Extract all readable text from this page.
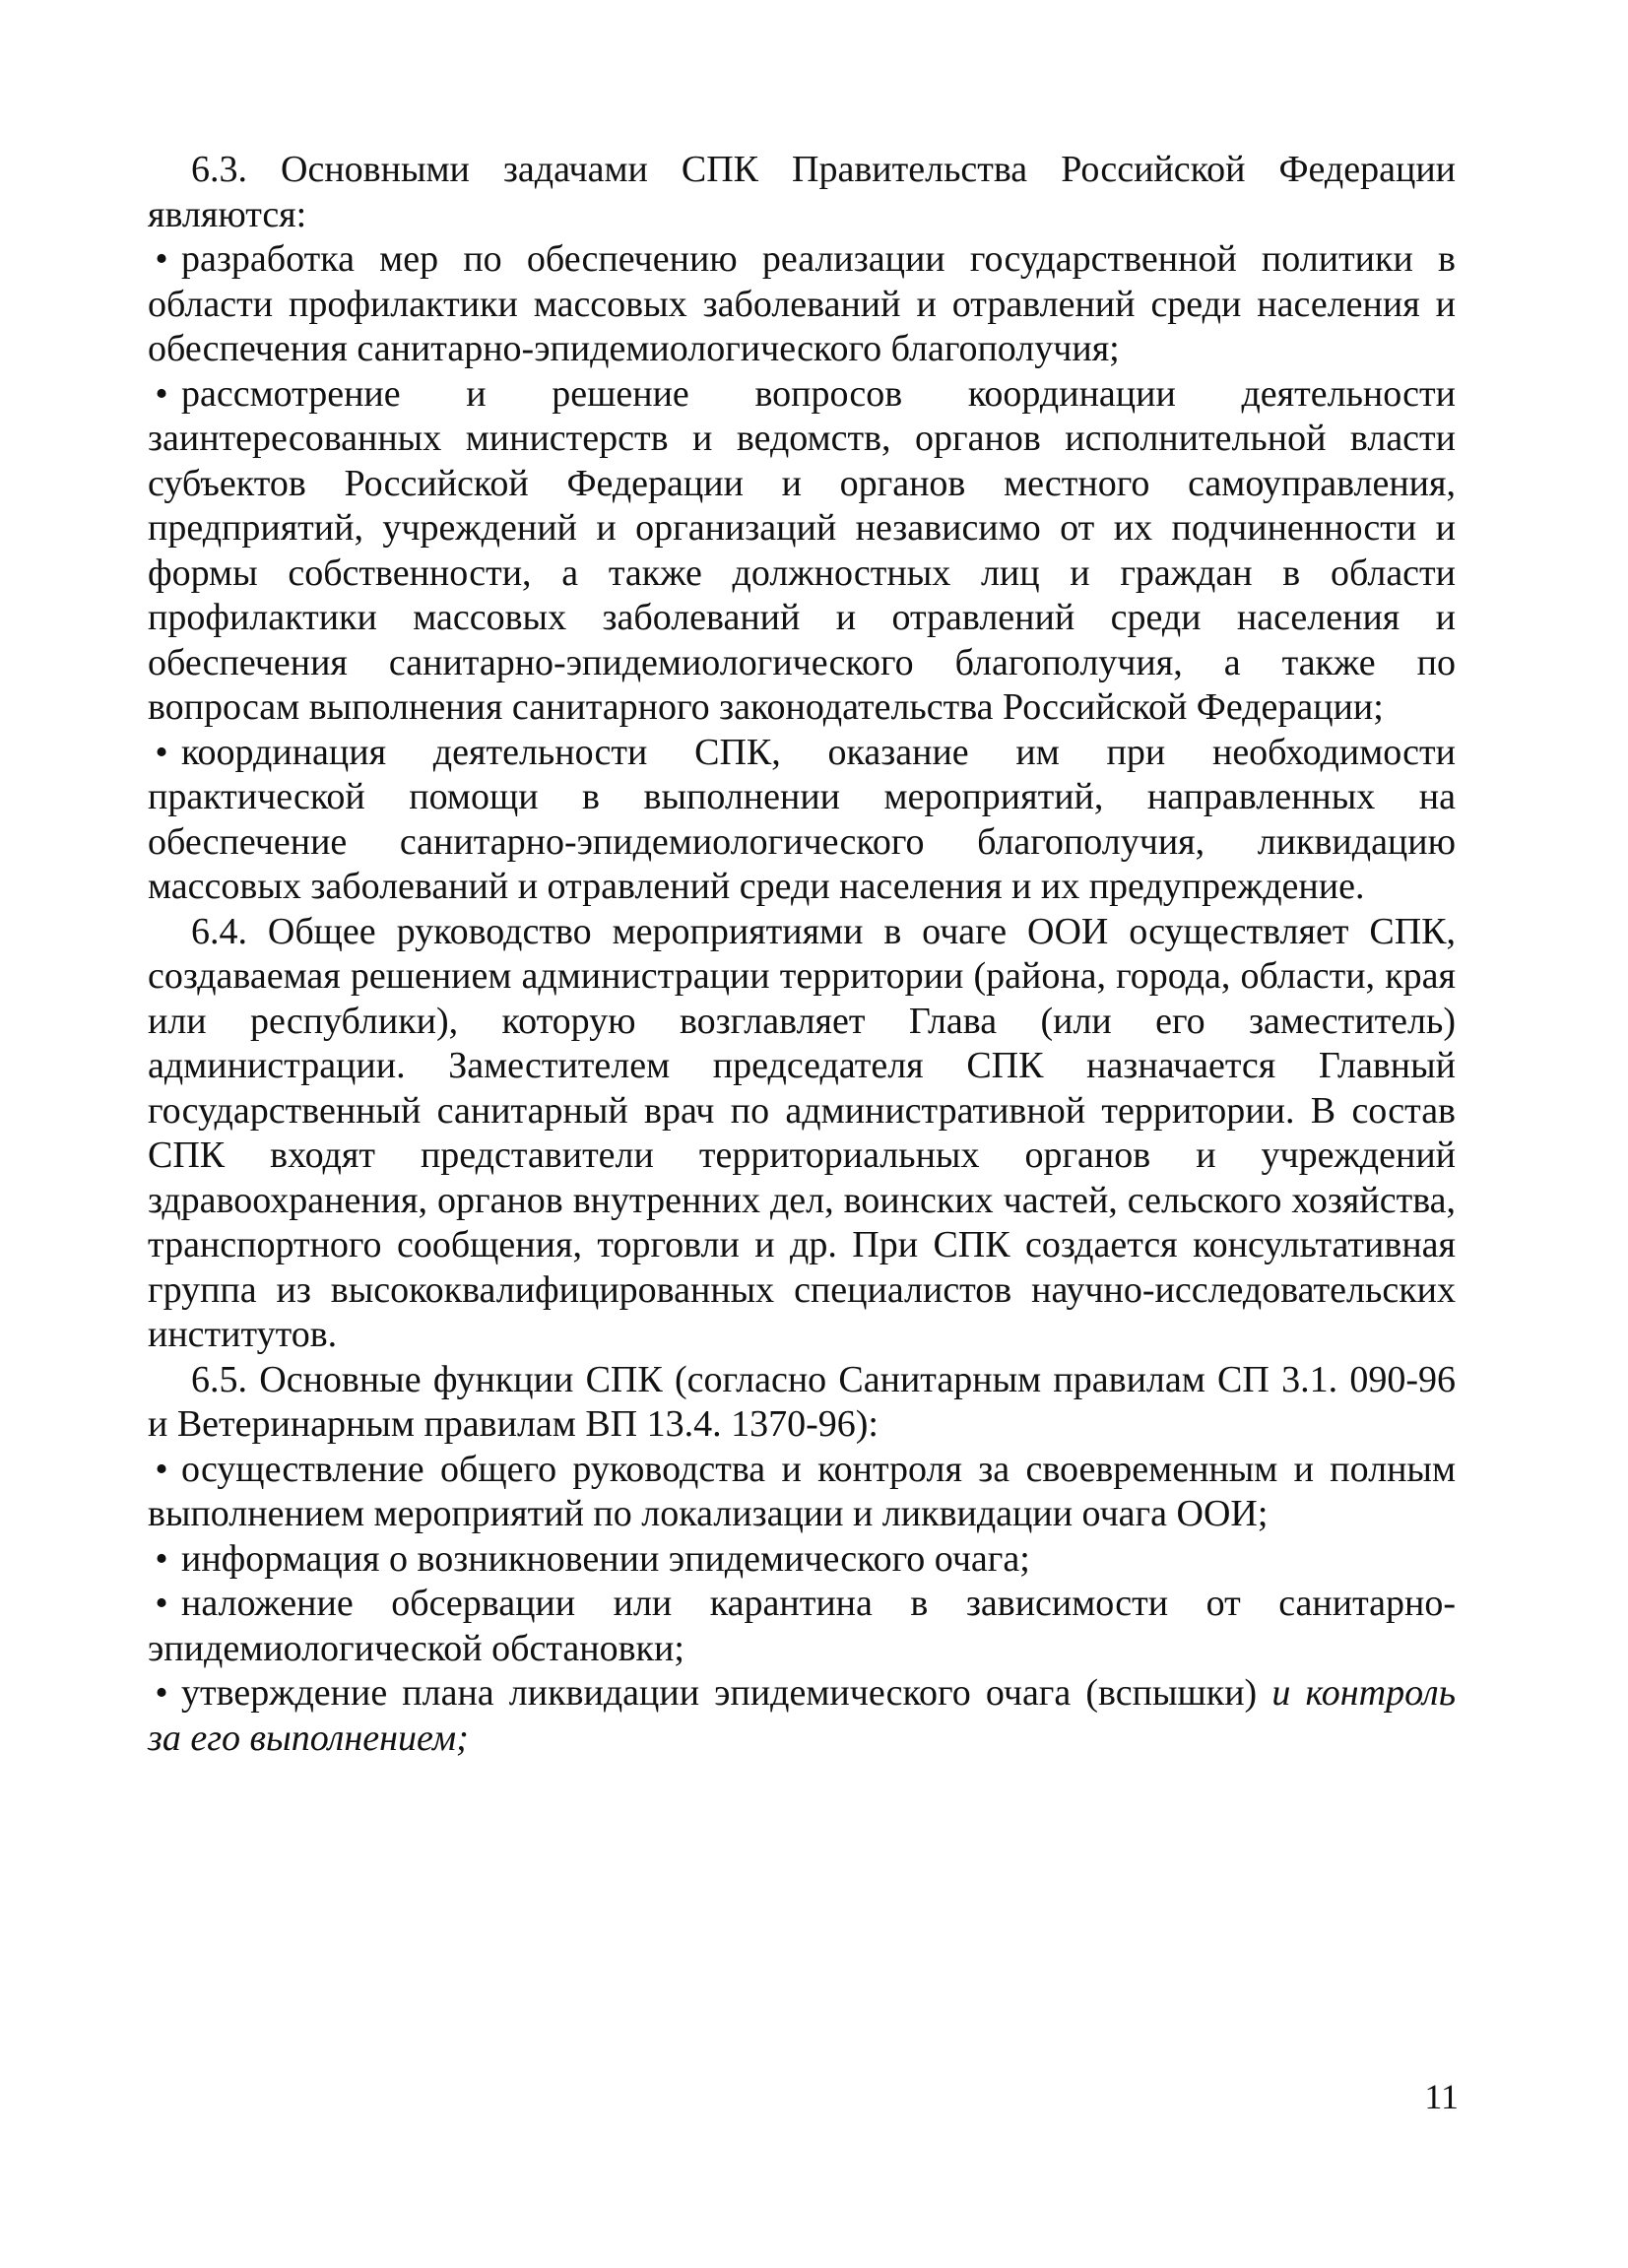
6.3. Основными задачами СПК Правительства Российской Федерации являются:

• разработка мер по обеспечению реализации государственной политики в области профилактики массовых заболеваний и отравлений среди населения и обеспечения санитарно-эпидемиологического благополучия;

• рассмотрение и решение вопросов координации деятельности заинтересованных министерств и ведомств, органов исполнительной власти субъектов Российской Федерации и органов местного самоуправления, предприятий, учреждений и организаций независимо от их подчиненности и формы собственности, а также должностных лиц и граждан в области профилактики массовых заболеваний и отравлений среди населения и обеспечения санитарно-эпидемиологического благополучия, а также по вопросам выполнения санитарного законодательства Российской Федерации;

• координация деятельности СПК, оказание им при необходимости практической помощи в выполнении мероприятий, направленных на обеспечение санитарно-эпидемиологического благополучия, ликвидацию массовых заболеваний и отравлений среди населения и их предупреждение.

6.4. Общее руководство мероприятиями в очаге ООИ осуществляет СПК, создаваемая решением администрации территории (района, города, области, края или республики), которую возглавляет Глава (или его заместитель) администрации. Заместителем председателя СПК назначается Главный государственный санитарный врач по административной территории. В состав СПК входят представители территориальных органов и учреждений здравоохранения, органов внутренних дел, воинских частей, сельского хозяйства, транспортного сообщения, торговли и др. При СПК создается консультативная группа из высококвалифицированных специалистов научно-исследовательских институтов.

6.5. Основные функции СПК (согласно Санитарным правилам СП 3.1. 090-96 и Ветеринарным правилам ВП 13.4. 1370-96):

• осуществление общего руководства и контроля за своевременным и полным выполнением мероприятий по локализации и ликвидации очага ООИ;

• информация о возникновении эпидемического очага;

• наложение обсервации или карантина в зависимости от санитарно-эпидемиологической обстановки;

• утверждение плана ликвидации эпидемического очага (вспышки) и контроль за его выполнением;

11
